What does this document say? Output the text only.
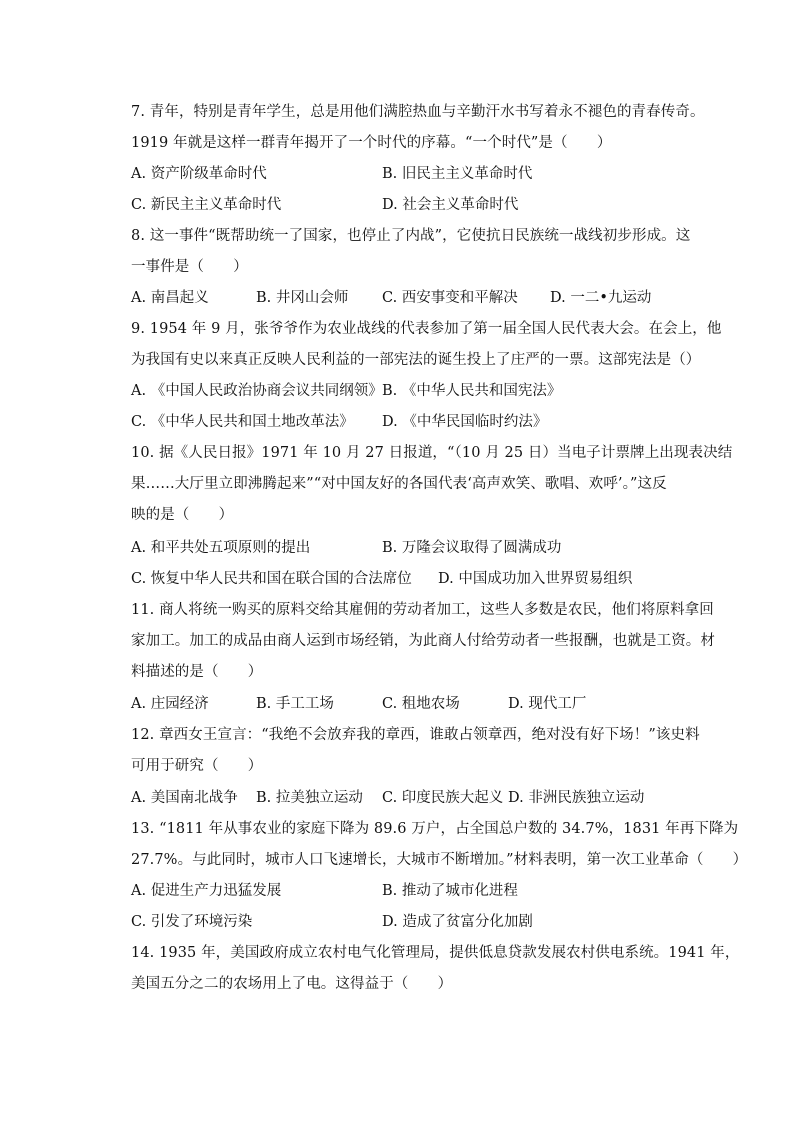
7. 青年，特别是青年学生，总是用他们满腔热血与辛勤汗水书写着永不褪色的青春传奇。
1919 年就是这样一群青年揭开了一个时代的序幕。“一个时代”是（　　）
A. 资产阶级革命时代	B. 旧民主主义革命时代
C. 新民主主义革命时代	D. 社会主义革命时代
8. 这一事件“既帮助统一了国家，也停止了内战”，它使抗日民族统一战线初步形成。这
一事件是（　　）
A. 南昌起义	B. 井冈山会师 C. 西安事变和平解决 D. 一二•九运动
9. 1954 年 9 月，张爷爷作为农业战线的代表参加了第一届全国人民代表大会。在会上，他
为我国有史以来真正反映人民利益的一部宪法的诞生投上了庄严的一票。这部宪法是（）
A. 《中国人民政治协商会议共同纲领》 B. 《中华人民共和国宪法》
C. 《中华人民共和国土地改革法》 D. 《中华民国临时约法》
10. 据《人民日报》1971 年 10 月 27 日报道，“（10 月 25 日）当电子计票牌上出现表决结
果……大厅里立即沸腾起来”“对中国友好的各国代表‘高声欢笑、歌唱、欢呼’。”这反
映的是（　　）
A. 和平共处五项原则的提出	B. 万隆会议取得了圆满成功
C. 恢复中华人民共和国在联合国的合法席位 D. 中国成功加入世界贸易组织
11. 商人将统一购买的原料交给其雇佣的劳动者加工，这些人多数是农民，他们将原料拿回
家加工。加工的成品由商人运到市场经销，为此商人付给劳动者一些报酬，也就是工资。材
料描述的是（　　）
A. 庄园经济	B. 手工工场	C. 租地农场	D. 现代工厂
12. 章西女王宣言：“我绝不会放弃我的章西，谁敢占领章西，绝对没有好下场！”该史料
可用于研究（　　）
A. 美国南北战争 B. 拉美独立运动 C. 印度民族大起义 D. 非洲民族独立运动
13. “1811 年从事农业的家庭下降为 89.6 万户，占全国总户数的 34.7%，1831 年再下降为
27.7%。与此同时，城市人口飞速增长，大城市不断增加。”材料表明，第一次工业革命（　　）
A. 促进生产力迅猛发展	B. 推动了城市化进程
C. 引发了环境污染	D. 造成了贫富分化加剧
14. 1935 年，美国政府成立农村电气化管理局，提供低息贷款发展农村供电系统。1941 年，
美国五分之二的农场用上了电。这得益于（　　）
